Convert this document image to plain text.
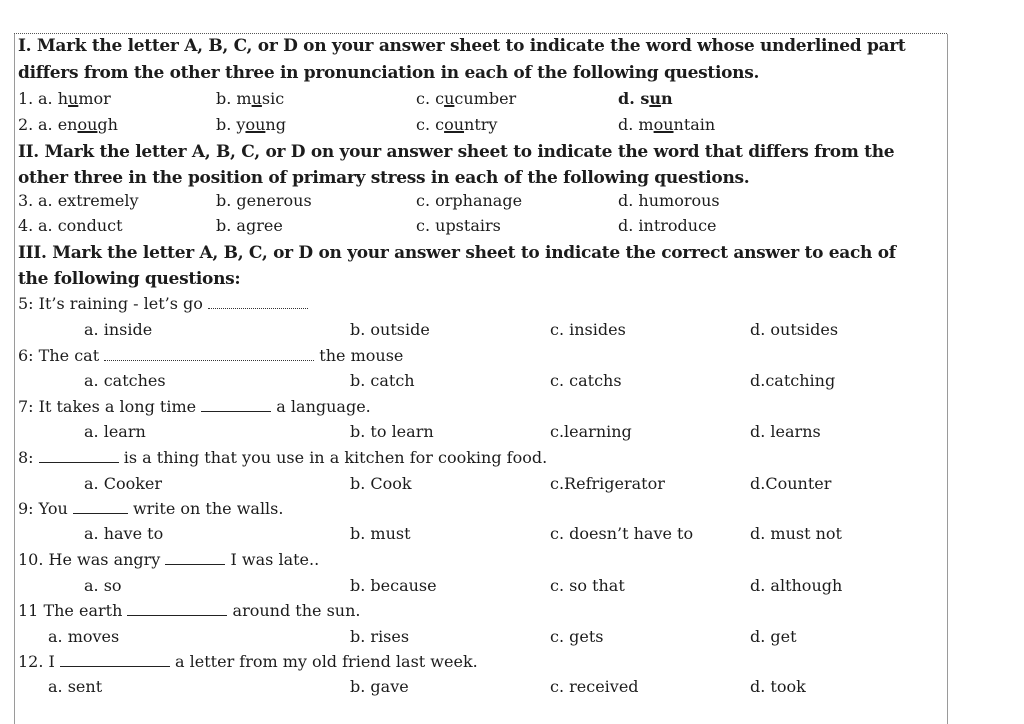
I. Mark the letter A, B, C, or D on your answer sheet to indicate the word whose underlined part
differs from the other three in pronunciation in each of the following questions.
1. a. humor	b. music	c. cucumber	d. sun
2. a. enough	b. young	c. country	d. mountain
II. Mark the letter A, B, C, or D on your answer sheet to indicate the word that differs from the
other three in the position of primary stress in each of the following questions.
3. a. extremely	b. generous	c. orphanage	d. humorous
4. a. conduct	b. agree	c. upstairs	d. introduce
III. Mark the letter A, B, C, or D on your answer sheet to indicate the correct answer to each of
the following questions:
5: It’s raining - let’s go
a. inside	b. outside	c. insides	d. outsides
6: The cat	the mouse
a. catches	b. catch	c. catchs	d.catching
7: It takes a long time	a language.
a. learn	b. to learn	c.learning	d. learns
8:	is a thing that you use in a kitchen for cooking food.
a. Cooker	b. Cook	c.Refrigerator	d.Counter
9: You	write on the walls.
a. have to	b. must	c. doesn’t have to	d. must not
10. He was angry	I was late..
a. so	b. because	c. so that	d. although
11 The earth	around the sun.
a. moves	b. rises	c. gets	d. get
12. I	a letter from my old friend last week.
a. sent	b. gave	c. received	d. took
